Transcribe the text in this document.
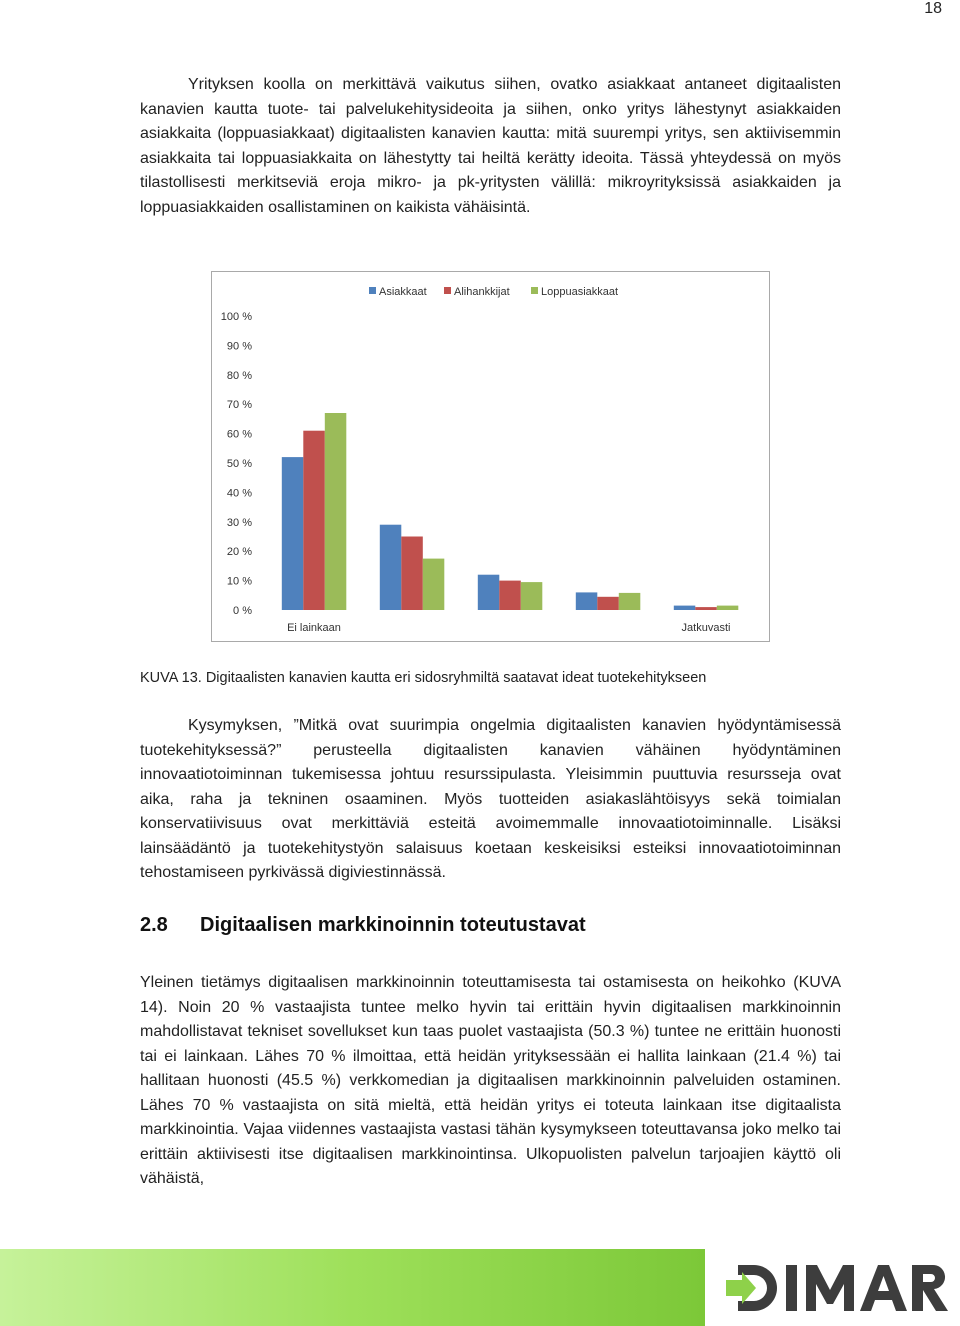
18

Yrityksen koolla on merkittävä vaikutus siihen, ovatko asiakkaat antaneet digitaalisten kanavien kautta tuote- tai palvelukehitysideoita ja siihen, onko yritys lähestynyt asiakkaiden asiakkaita (loppuasiakkaat) digitaalisten kanavien kautta: mitä suurempi yritys, sen aktiivisemmin asiakkaita tai loppuasiakkaita on lähestytty tai heiltä kerätty ideoita. Tässä yhteydessä on myös tilastollisesti merkitseviä eroja mikro- ja pk-yritysten välillä: mikroyrityksissä asiakkaiden ja loppuasiakkaiden osallistaminen on kaikista vähäisintä.

0 %
10 %
20 %
30 %
40 %
50 %
60 %
70 %
80 %
90 %
100 %
Ei lainkaan	Jatkuvasti
Asiakkaat Alihankkijat	Loppuasiakkaat

KUVA 13. Digitaalisten kanavien kautta eri sidosryhmiltä saatavat ideat tuotekehitykseen

Kysymyksen, ”Mitkä ovat suurimpia ongelmia digitaalisten kanavien hyödyntämisessä tuotekehityksessä?” perusteella digitaalisten kanavien vähäinen hyödyntäminen innovaatiotoiminnan tukemisessa johtuu resurssipulasta. Yleisimmin puuttuvia resursseja ovat aika, raha ja tekninen osaaminen. Myös tuotteiden asiakaslähtöisyys sekä toimialan konservatiivisuus ovat merkittäviä esteitä avoimemmalle innovaatiotoiminnalle. Lisäksi lainsäädäntö ja tuotekehitystyön salaisuus koetaan keskeisiksi esteiksi innovaatiotoiminnan tehostamiseen pyrkivässä digiviestinnässä.

2.8 Digitaalisen markkinoinnin toteutustavat

Yleinen tietämys digitaalisen markkinoinnin toteuttamisesta tai ostamisesta on heikohko (KUVA 14). Noin 20 % vastaajista tuntee melko hyvin tai erittäin hyvin digitaalisen markkinoinnin mahdollistavat tekniset sovellukset kun taas puolet vastaajista (50.3 %) tuntee ne erittäin huonosti tai ei lainkaan. Lähes 70 % ilmoittaa, että heidän yrityksessään ei hallita lainkaan (21.4 %) tai hallitaan huonosti (45.5 %) verkkomedian ja digitaalisen markkinoinnin palveluiden ostaminen. Lähes 70 % vastaajista on sitä mieltä, että heidän yritys ei toteuta lainkaan itse digitaalista markkinointia. Vajaa viidennes vastaajista vastasi tähän kysymykseen toteuttavansa joko melko tai erittäin aktiivisesti itse digitaalisen markkinointinsa. Ulkopuolisten palvelun tarjoajien käyttö oli vähäistä,
